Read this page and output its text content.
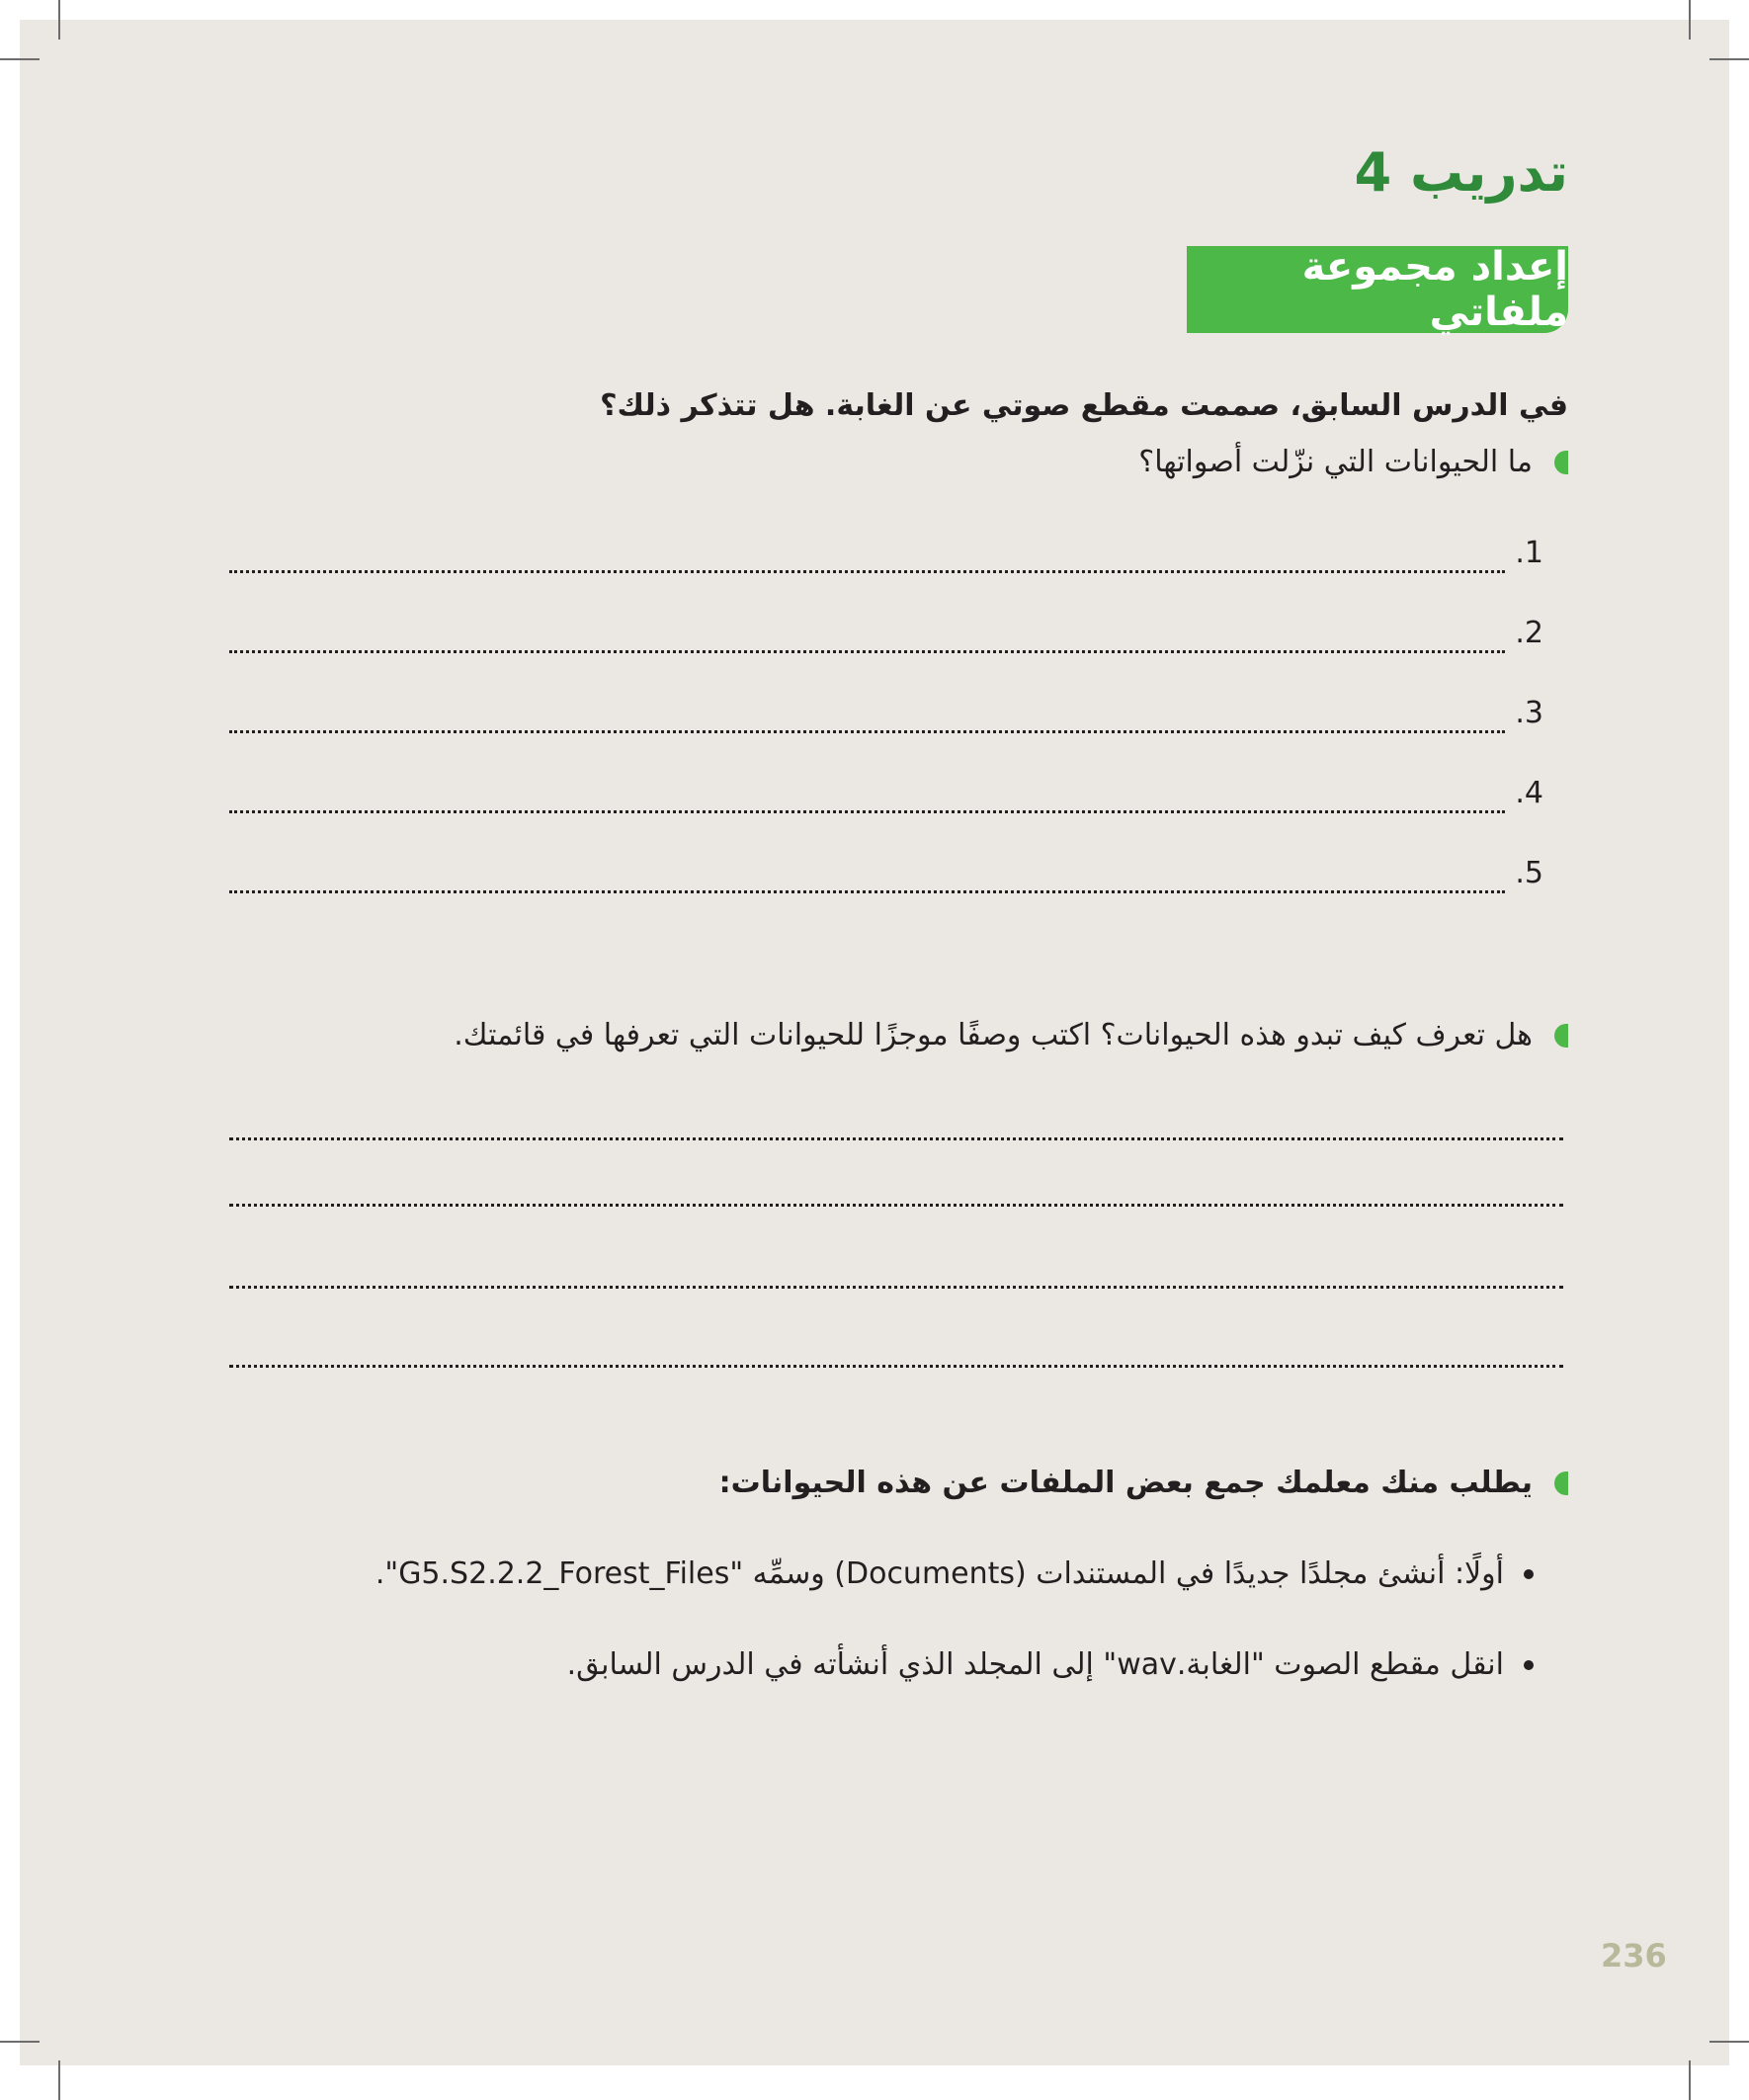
تدريب 4
إعداد مجموعة ملفاتي

في الدرس السابق، صممت مقطع صوتي عن الغابة. هل تتذكر ذلك؟

ما الحيوانات التي نزّلت أصواتها؟

1.
2.
3.
4.
5.

هل تعرف كيف تبدو هذه الحيوانات؟ اكتب وصفًا موجزًا للحيوانات التي تعرفها في قائمتك.

يطلب منك معلمك جمع بعض الملفات عن هذه الحيوانات:

أولًا: أنشئ مجلدًا جديدًا في المستندات (Documents) وسمِّه "G5.S2.2.2_Forest_Files".

انقل مقطع الصوت "الغابة.wav" إلى المجلد الذي أنشأته في الدرس السابق.

236
